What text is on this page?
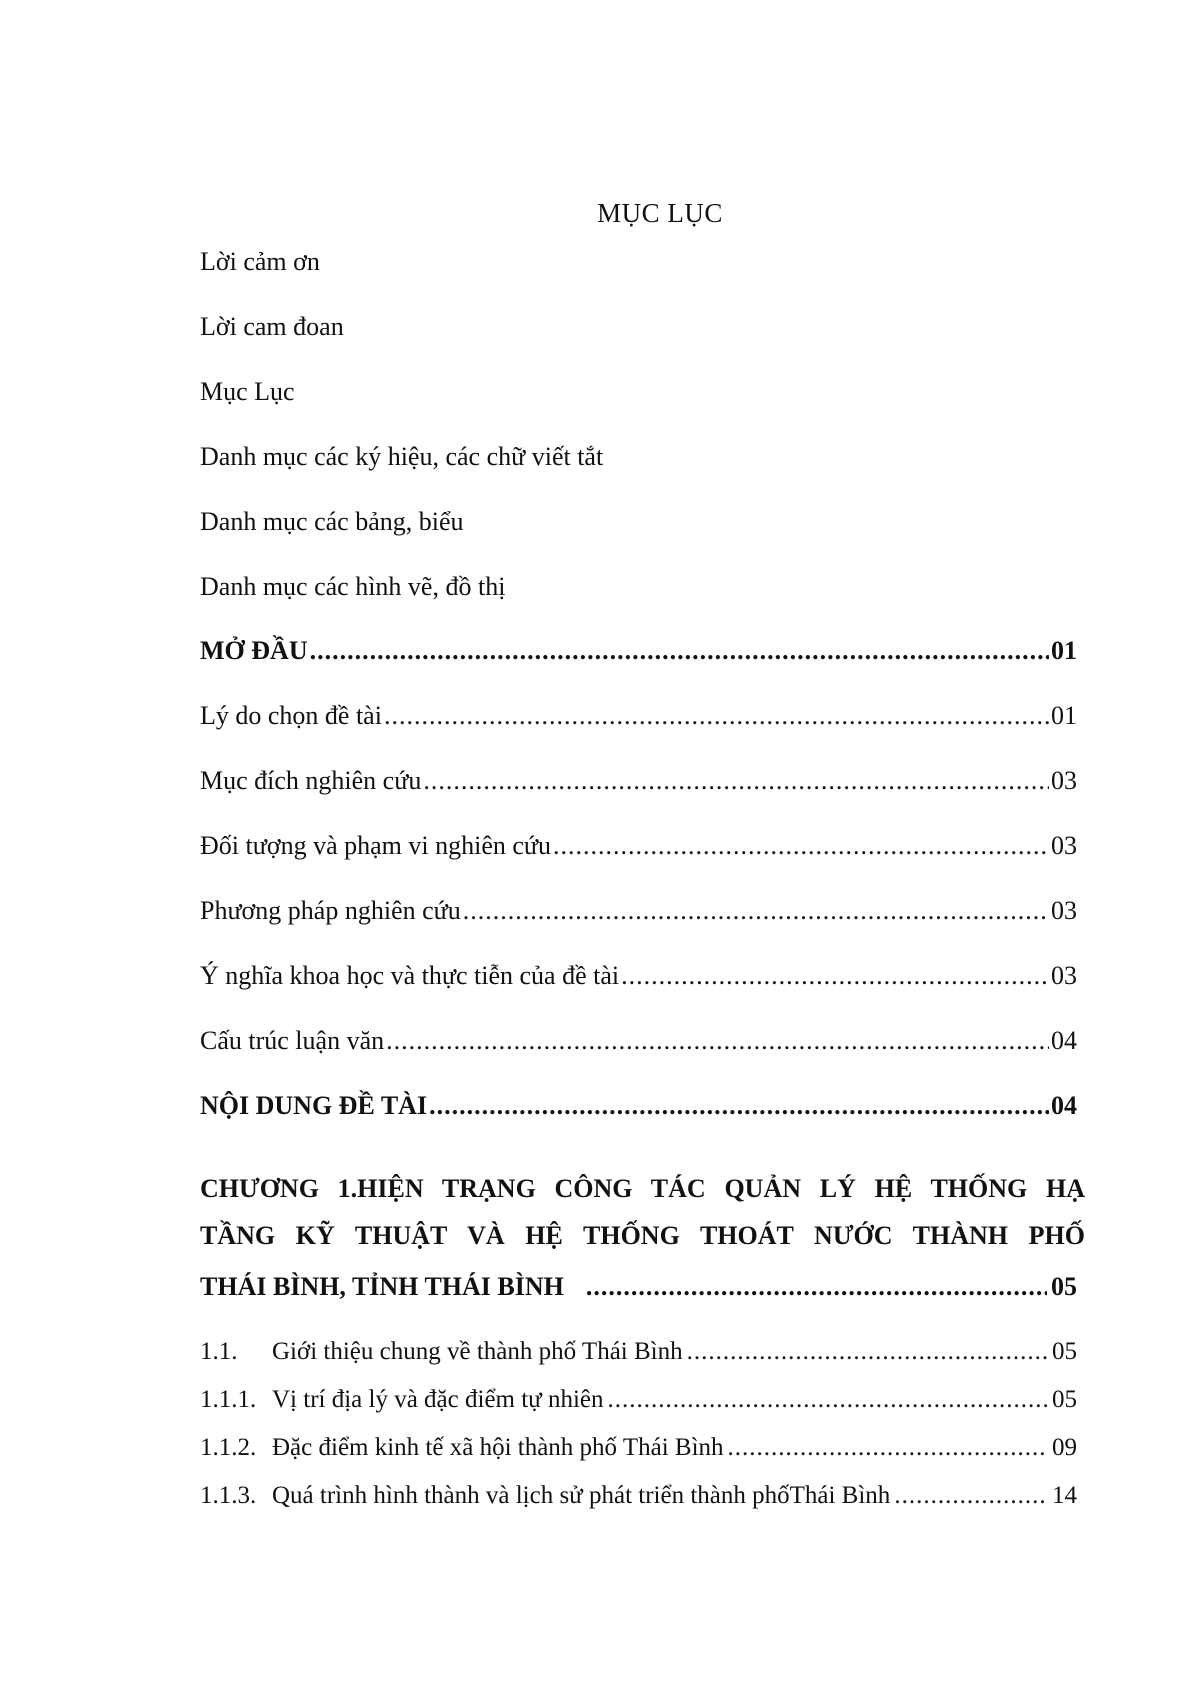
MỤC LỤC
Lời cảm ơn
Lời cam đoan
Mục Lục
Danh mục các ký hiệu, các chữ viết tắt
Danh mục các bảng, biểu
Danh mục các hình vẽ, đồ thị
MỞ ĐẦU .....	01
Lý do chọn đề tài .....	01
Mục đích nghiên cứu .....	03
Đối tượng và phạm vi nghiên cứu .....	03
Phương pháp nghiên cứu .....	03
Ý nghĩa khoa học và thực tiễn của đề tài .....	03
Cấu trúc luận văn .....	04
NỘI DUNG ĐỀ TÀI .....	04
CHƯƠNG 1.HIỆN TRẠNG CÔNG TÁC QUẢN LÝ HỆ THỐNG HẠ
TẦNG KỸ THUẬT VÀ HỆ THỐNG THOÁT NƯỚC THÀNH PHỐ
THÁI BÌNH, TỈNH THÁI BÌNH .....	05
1.1.	Giới thiệu chung về thành phố Thái Bình .....	05
1.1.1. Vị trí địa lý và đặc điểm tự nhiên .....	05
1.1.2. Đặc điểm kinh tế xã hội thành phố Thái Bình .....	09
1.1.3. Quá trình hình thành và lịch sử phát triển thành phốThái Bình .....	14
